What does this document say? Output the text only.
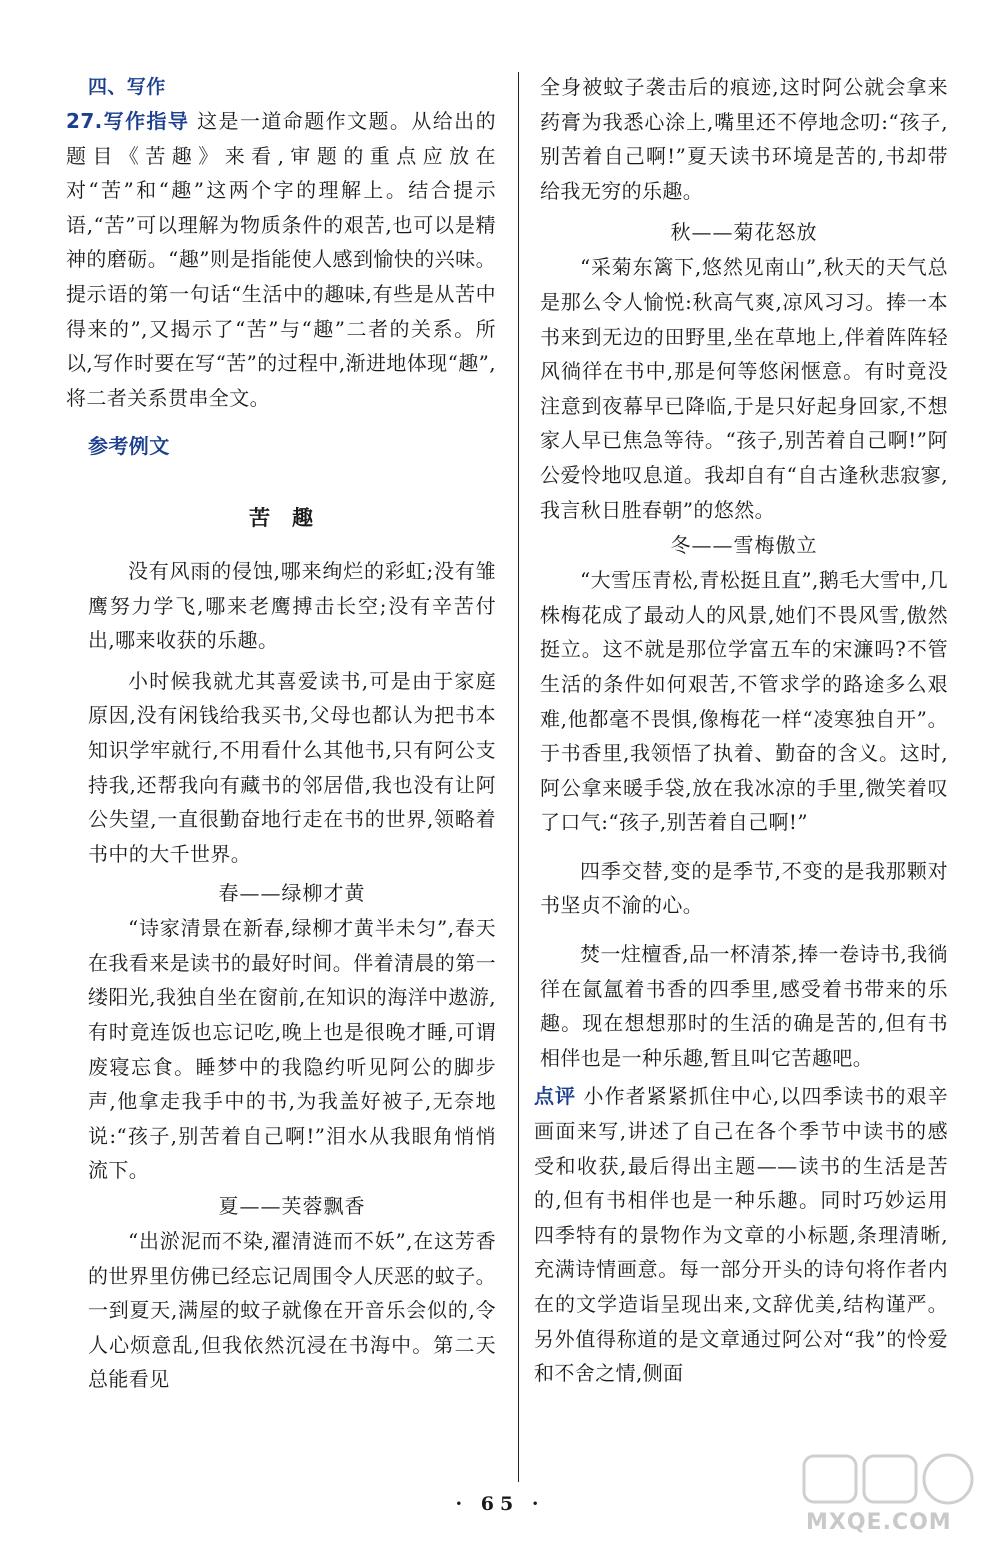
四、写作

27.写作指导 这是一道命题作文题。从给出的题目《苦趣》来看,审题的重点应放在对“苦”和“趣”这两个字的理解上。结合提示语,“苦”可以理解为物质条件的艰苦,也可以是精神的磨砺。“趣”则是指能使人感到愉快的兴味。提示语的第一句话“生活中的趣味,有些是从苦中得来的”,又揭示了“苦”与“趣”二者的关系。所以,写作时要在写“苦”的过程中,渐进地体现“趣”,将二者关系贯串全文。

参考例文

苦趣

没有风雨的侵蚀,哪来绚烂的彩虹;没有雏鹰努力学飞,哪来老鹰搏击长空;没有辛苦付出,哪来收获的乐趣。

小时候我就尤其喜爱读书,可是由于家庭原因,没有闲钱给我买书,父母也都认为把书本知识学牢就行,不用看什么其他书,只有阿公支持我,还帮我向有藏书的邻居借,我也没有让阿公失望,一直很勤奋地行走在书的世界,领略着书中的大千世界。

春——绿柳才黄

“诗家清景在新春,绿柳才黄半未匀”,春天在我看来是读书的最好时间。伴着清晨的第一缕阳光,我独自坐在窗前,在知识的海洋中遨游,有时竟连饭也忘记吃,晚上也是很晚才睡,可谓废寝忘食。睡梦中的我隐约听见阿公的脚步声,他拿走我手中的书,为我盖好被子,无奈地说:“孩子,别苦着自己啊!”泪水从我眼角悄悄流下。

夏——芙蓉飘香

“出淤泥而不染,濯清涟而不妖”,在这芳香的世界里仿佛已经忘记周围令人厌恶的蚊子。一到夏天,满屋的蚊子就像在开音乐会似的,令人心烦意乱,但我依然沉浸在书海中。第二天总能看见

全身被蚊子袭击后的痕迹,这时阿公就会拿来药膏为我悉心涂上,嘴里还不停地念叨:“孩子,别苦着自己啊!”夏天读书环境是苦的,书却带给我无穷的乐趣。

秋——菊花怒放

“采菊东篱下,悠然见南山”,秋天的天气总是那么令人愉悦:秋高气爽,凉风习习。捧一本书来到无边的田野里,坐在草地上,伴着阵阵轻风徜徉在书中,那是何等悠闲惬意。有时竟没注意到夜幕早已降临,于是只好起身回家,不想家人早已焦急等待。“孩子,别苦着自己啊!”阿公爱怜地叹息道。我却自有“自古逢秋悲寂寥,我言秋日胜春朝”的悠然。

冬——雪梅傲立

“大雪压青松,青松挺且直”,鹅毛大雪中,几株梅花成了最动人的风景,她们不畏风雪,傲然挺立。这不就是那位学富五车的宋濂吗?不管生活的条件如何艰苦,不管求学的路途多么艰难,他都毫不畏惧,像梅花一样“凌寒独自开”。于书香里,我领悟了执着、勤奋的含义。这时,阿公拿来暖手袋,放在我冰凉的手里,微笑着叹了口气:“孩子,别苦着自己啊!”

四季交替,变的是季节,不变的是我那颗对书坚贞不渝的心。

焚一炷檀香,品一杯清茶,捧一卷诗书,我徜徉在氤氲着书香的四季里,感受着书带来的乐趣。现在想想那时的生活的确是苦的,但有书相伴也是一种乐趣,暂且叫它苦趣吧。

点评 小作者紧紧抓住中心,以四季读书的艰辛画面来写,讲述了自己在各个季节中读书的感受和收获,最后得出主题——读书的生活是苦的,但有书相伴也是一种乐趣。同时巧妙运用四季特有的景物作为文章的小标题,条理清晰,充满诗情画意。每一部分开头的诗句将作者内在的文学造诣呈现出来,文辞优美,结构谨严。另外值得称道的是文章通过阿公对“我”的怜爱和不舍之情,侧面

· 65 ·
MXQE.COM
